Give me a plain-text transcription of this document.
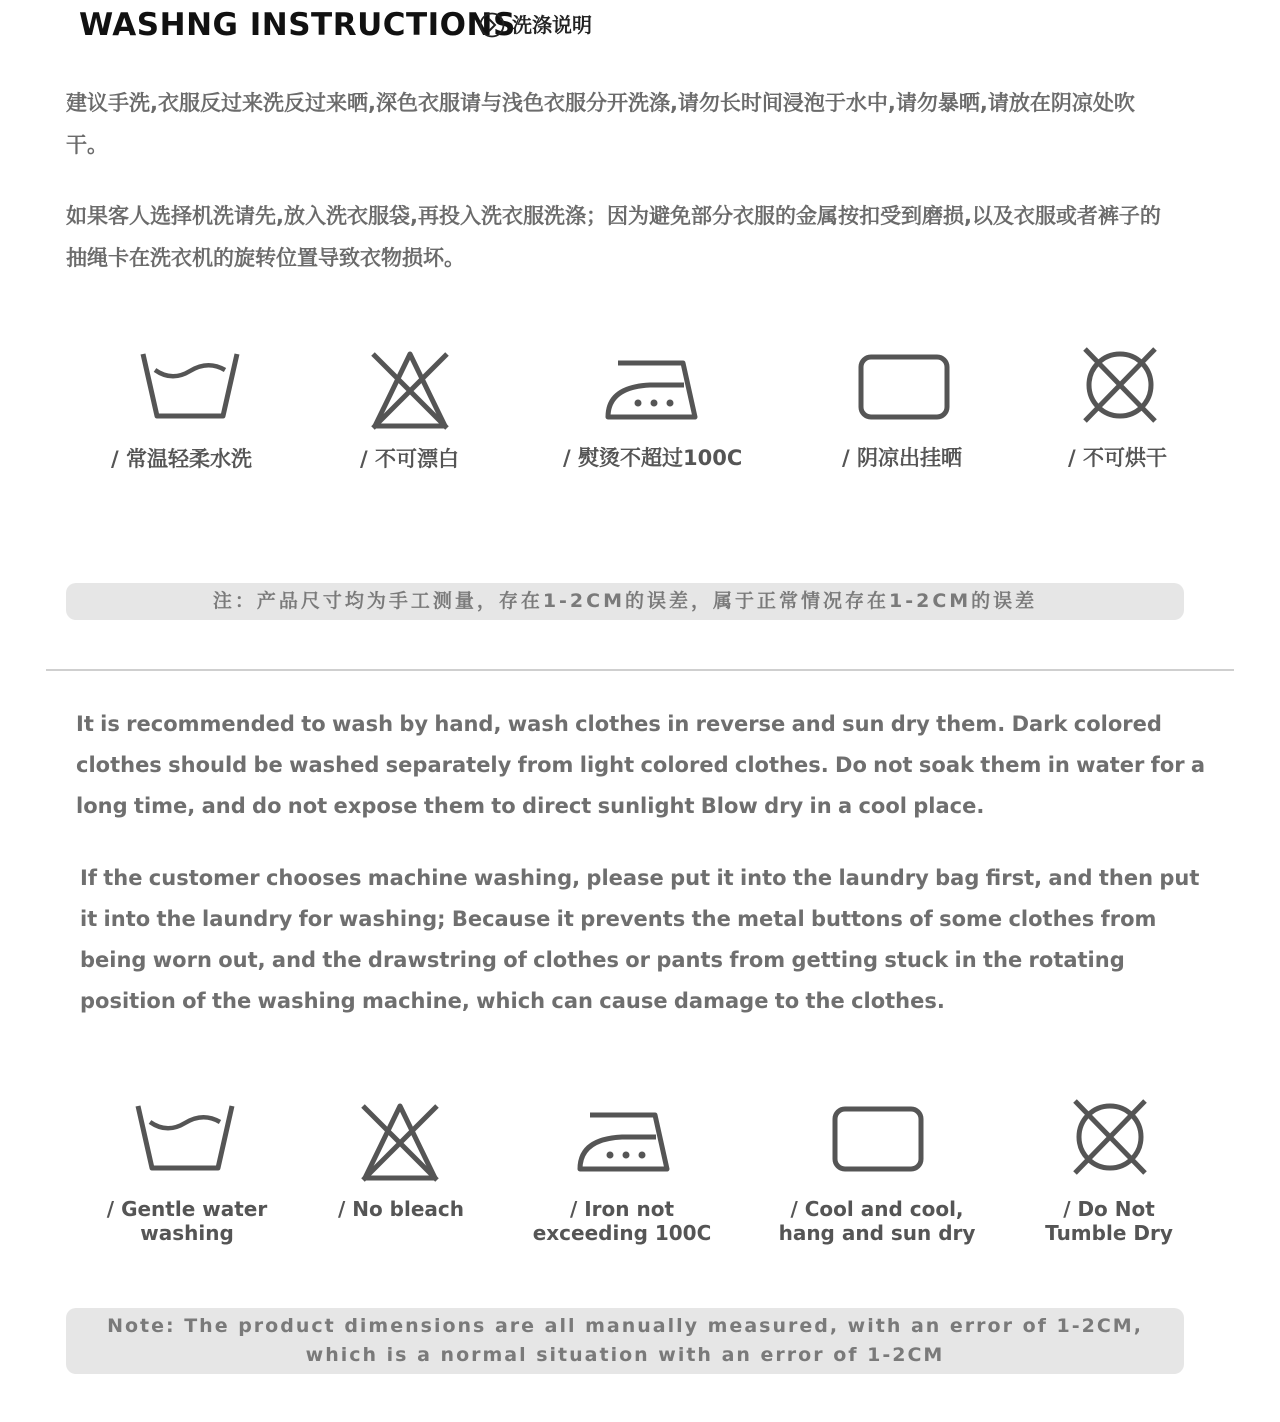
WASHNG INSTRUCTIONS
洗涤说明

建议手洗,衣服反过来洗反过来晒,深色衣服请与浅色衣服分开洗涤,请勿长时间浸泡于水中,请勿暴晒,请放在阴凉处吹干。

如果客人选择机洗请先,放入洗衣服袋,再投入洗衣服洗涤；因为避免部分衣服的金属按扣受到磨损,以及衣服或者裤子的抽绳卡在洗衣机的旋转位置导致衣物损坏。

/ 常温轻柔水洗	/ 不可漂白	/ 熨烫不超过100C	/ 阴凉出挂晒	/ 不可烘干
注：产品尺寸均为手工测量，存在1-2CM的误差，属于正常情况存在1-2CM的误差

It is recommended to wash by hand, wash clothes in reverse and sun dry them. Dark colored clothes should be washed separately from light colored clothes. Do not soak them in water for a long time, and do not expose them to direct sunlight Blow dry in a cool place.

If the customer chooses machine washing, please put it into the laundry bag first, and then put it into the laundry for washing; Because it prevents the metal buttons of some clothes from being worn out, and the drawstring of clothes or pants from getting stuck in the rotating position of the washing machine, which can cause damage to the clothes.

/ Gentle water
washing
/ No bleach	/ Iron not
exceeding 100C
/ Cool and cool,
hang and sun dry
/ Do Not
Tumble Dry
Note: The product dimensions are all manually measured, with an error of 1-2CM,
which is a normal situation with an error of 1-2CM
